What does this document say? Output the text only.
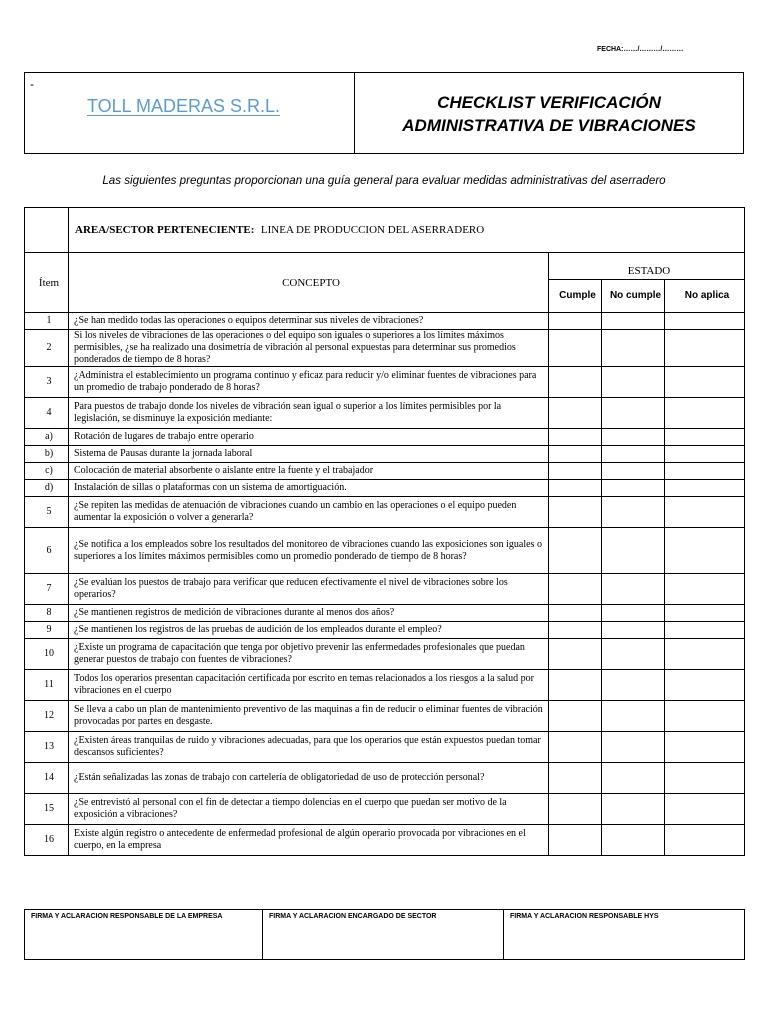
FECHA:……/………/………
-
TOLL MADERAS S.R.L.	CHECKLIST VERIFICACIÓN ADMINISTRATIVA DE VIBRACIONES
Las siguientes preguntas proporcionan una guía general para evaluar medidas administrativas del aserradero
	AREA/SECTOR PERTENECIENTE: LINEA DE PRODUCCION DEL ASERRADERO			
Ítem	CONCEPTO	ESTADO		
		Cumple	No cumple	No aplica
1	¿Se han medido todas las operaciones o equipos determinar sus niveles de vibraciones?			
2	Si los niveles de vibraciones de las operaciones o del equipo son iguales o superiores a los límites máximos permisibles, ¿se ha realizado una dosimetría de vibración al personal expuestas para determinar sus promedios ponderados de tiempo de 8 horas?			
3	¿Administra el establecimiento un programa continuo y eficaz para reducir y/o eliminar fuentes de vibraciones para un promedio de trabajo ponderado de 8 horas?			
4	Para puestos de trabajo donde los niveles de vibración sean igual o superior a los límites permisibles por la legislación, se disminuye la exposición mediante:			
a)	Rotación de lugares de trabajo entre operario			
b)	Sistema de Pausas durante la jornada laboral			
c)	Colocación de material absorbente o aislante entre la fuente y el trabajador			
d)	Instalación de sillas o plataformas con un sistema de amortiguación.			
5	¿Se repiten las medidas de atenuación de vibraciones cuando un cambio en las operaciones o el equipo pueden aumentar la exposición o volver a generarla?			
6	¿Se notifica a los empleados sobre los resultados del monitoreo de vibraciones cuando las exposiciones son iguales o superiores a los límites máximos permisibles como un promedio ponderado de tiempo de 8 horas?			
7	¿Se evalúan los puestos de trabajo para verificar que reducen efectivamente el nivel de vibraciones sobre los operarios?			
8	¿Se mantienen registros de medición de vibraciones durante al menos dos años?			
9	¿Se mantienen los registros de las pruebas de audición de los empleados durante el empleo?			
10	¿Existe un programa de capacitación que tenga por objetivo prevenir las enfermedades profesionales que puedan generar puestos de trabajo con fuentes de vibraciones?			
11	Todos los operarios presentan capacitación certificada por escrito en temas relacionados a los riesgos a la salud por vibraciones en el cuerpo			
12	Se lleva a cabo un plan de mantenimiento preventivo de las maquinas a fin de reducir o eliminar fuentes de vibración provocadas por partes en desgaste.			
13	¿Existen áreas tranquilas de ruido y vibraciones adecuadas, para que los operarios que están expuestos puedan tomar descansos suficientes?			
14	¿Están señalizadas las zonas de trabajo con cartelería de obligatoriedad de uso de protección personal?			
15	¿Se entrevistó al personal con el fin de detectar a tiempo dolencias en el cuerpo que puedan ser motivo de la exposición a vibraciones?			
16	Existe algún registro o antecedente de enfermedad profesional de algún operario provocada por vibraciones en el cuerpo, en la empresa			
FIRMA Y ACLARACION RESPONSABLE DE LA EMPRESA	FIRMA Y ACLARACION ENCARGADO DE SECTOR	FIRMA Y ACLARACION RESPONSABLE HYS
